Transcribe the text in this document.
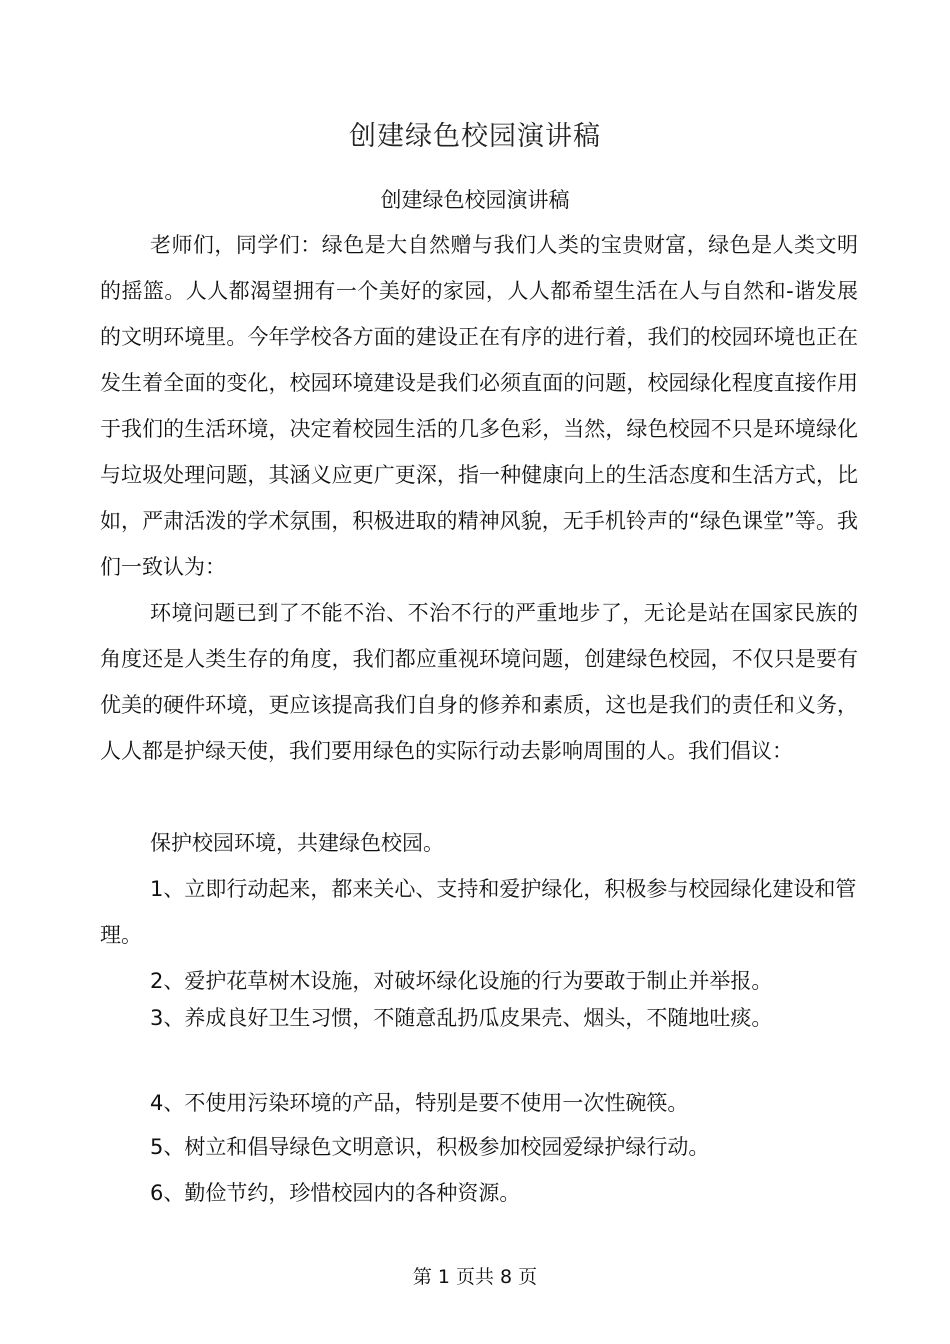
创建绿色校园演讲稿
创建绿色校园演讲稿

老师们，同学们：绿色是大自然赠与我们人类的宝贵财富，绿色是人类文明的摇篮。人人都渴望拥有一个美好的家园，人人都希望生活在人与自然和-谐发展的文明环境里。今年学校各方面的建设正在有序的进行着，我们的校园环境也正在发生着全面的变化，校园环境建设是我们必须直面的问题，校园绿化程度直接作用于我们的生活环境，决定着校园生活的几多色彩，当然，绿色校园不只是环境绿化与垃圾处理问题，其涵义应更广更深，指一种健康向上的生活态度和生活方式，比如，严肃活泼的学术氛围，积极进取的精神风貌，无手机铃声的“绿色课堂”等。我们一致认为：

环境问题已到了不能不治、不治不行的严重地步了，无论是站在国家民族的角度还是人类生存的角度，我们都应重视环境问题，创建绿色校园，不仅只是要有优美的硬件环境，更应该提高我们自身的修养和素质，这也是我们的责任和义务，人人都是护绿天使，我们要用绿色的实际行动去影响周围的人。我们倡议：

保护校园环境，共建绿色校园。

1、立即行动起来，都来关心、支持和爱护绿化，积极参与校园绿化建设和管理。

2、爱护花草树木设施，对破坏绿化设施的行为要敢于制止并举报。

3、养成良好卫生习惯，不随意乱扔瓜皮果壳、烟头，不随地吐痰。

4、不使用污染环境的产品，特别是要不使用一次性碗筷。

5、树立和倡导绿色文明意识，积极参加校园爱绿护绿行动。

6、勤俭节约，珍惜校园内的各种资源。

第 1 页共 8 页
